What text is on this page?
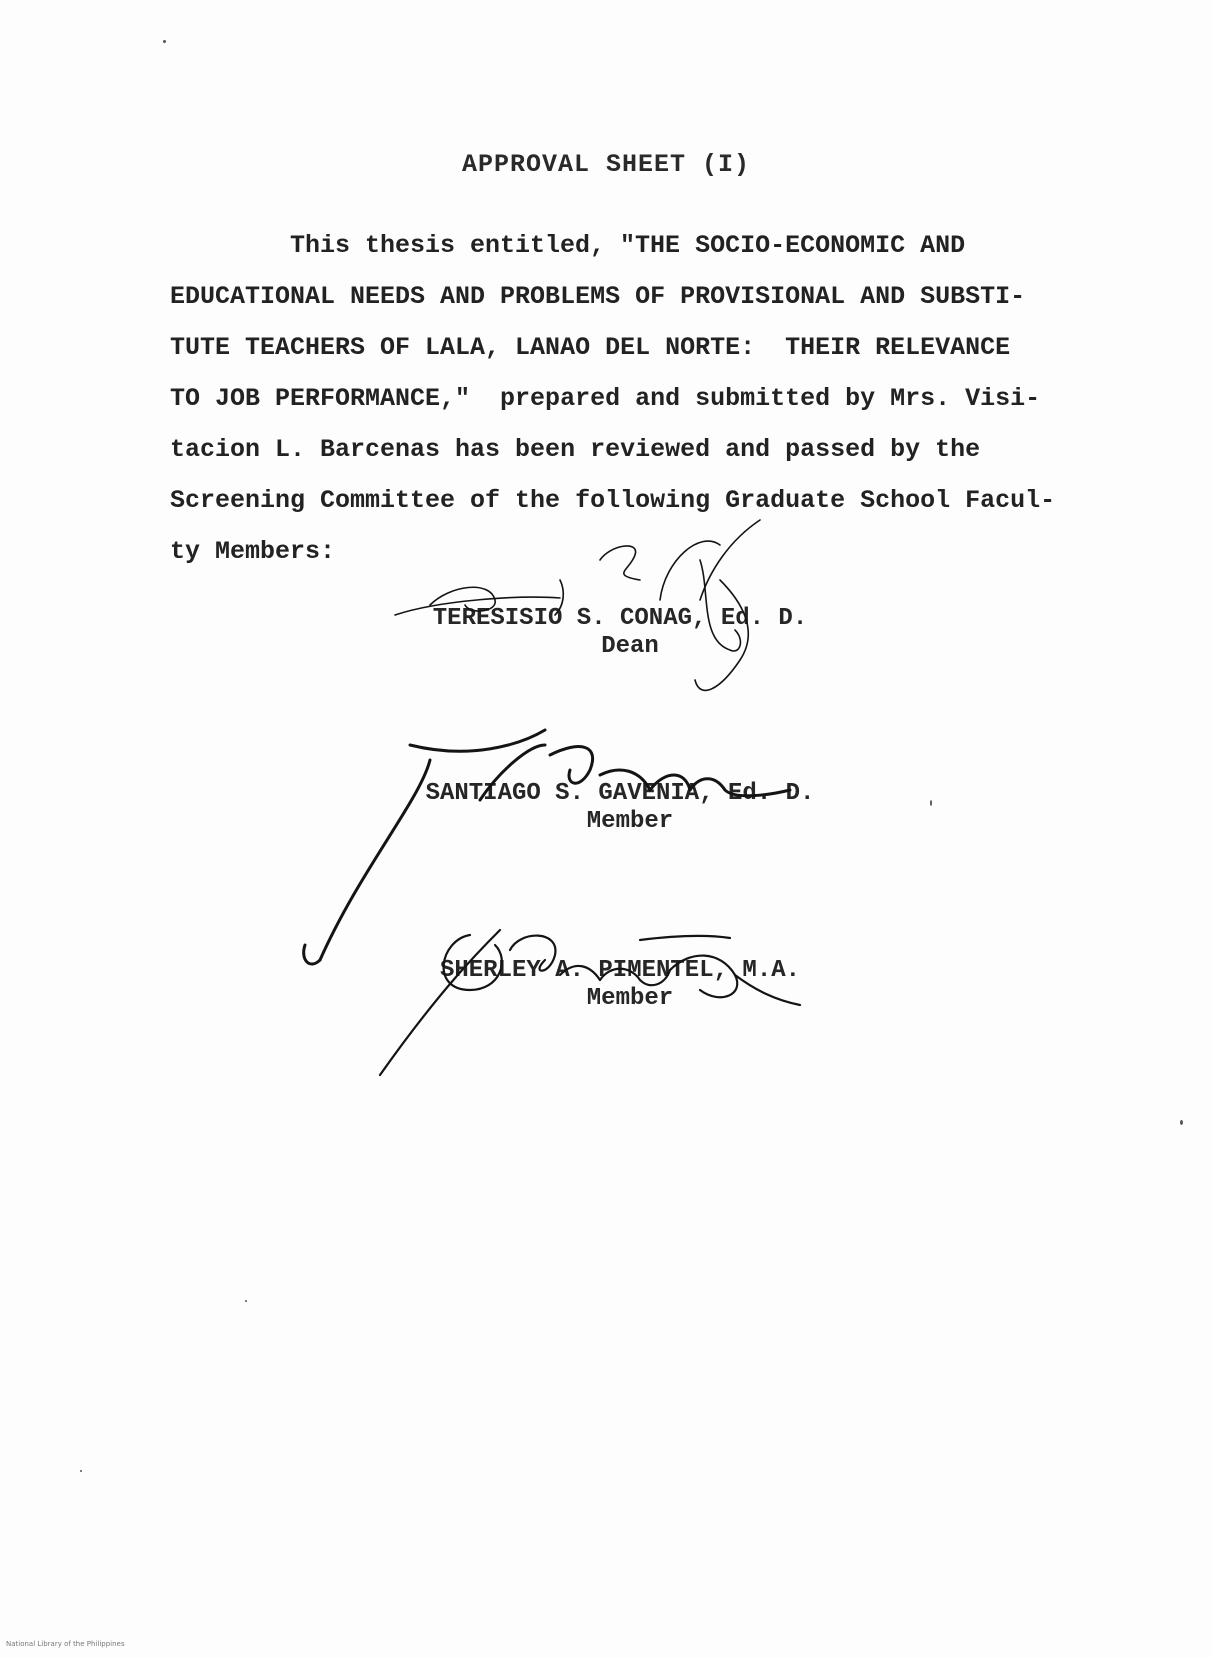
APPROVAL SHEET (I)
This thesis entitled, "THE SOCIO-ECONOMIC AND
EDUCATIONAL NEEDS AND PROBLEMS OF PROVISIONAL AND SUBSTI-
TUTE TEACHERS OF LALA, LANAO DEL NORTE:  THEIR RELEVANCE
TO JOB PERFORMANCE,"  prepared and submitted by Mrs. Visi-
tacion L. Barcenas has been reviewed and passed by the
Screening Committee of the following Graduate School Facul-
ty Members:
TERESISIO S. CONAG, Ed. D.
Dean
SANTIAGO S. GAVENIA, Ed. D.
Member
SHERLEY A. PIMENTEL, M.A.
Member
National Library of the Philippines
